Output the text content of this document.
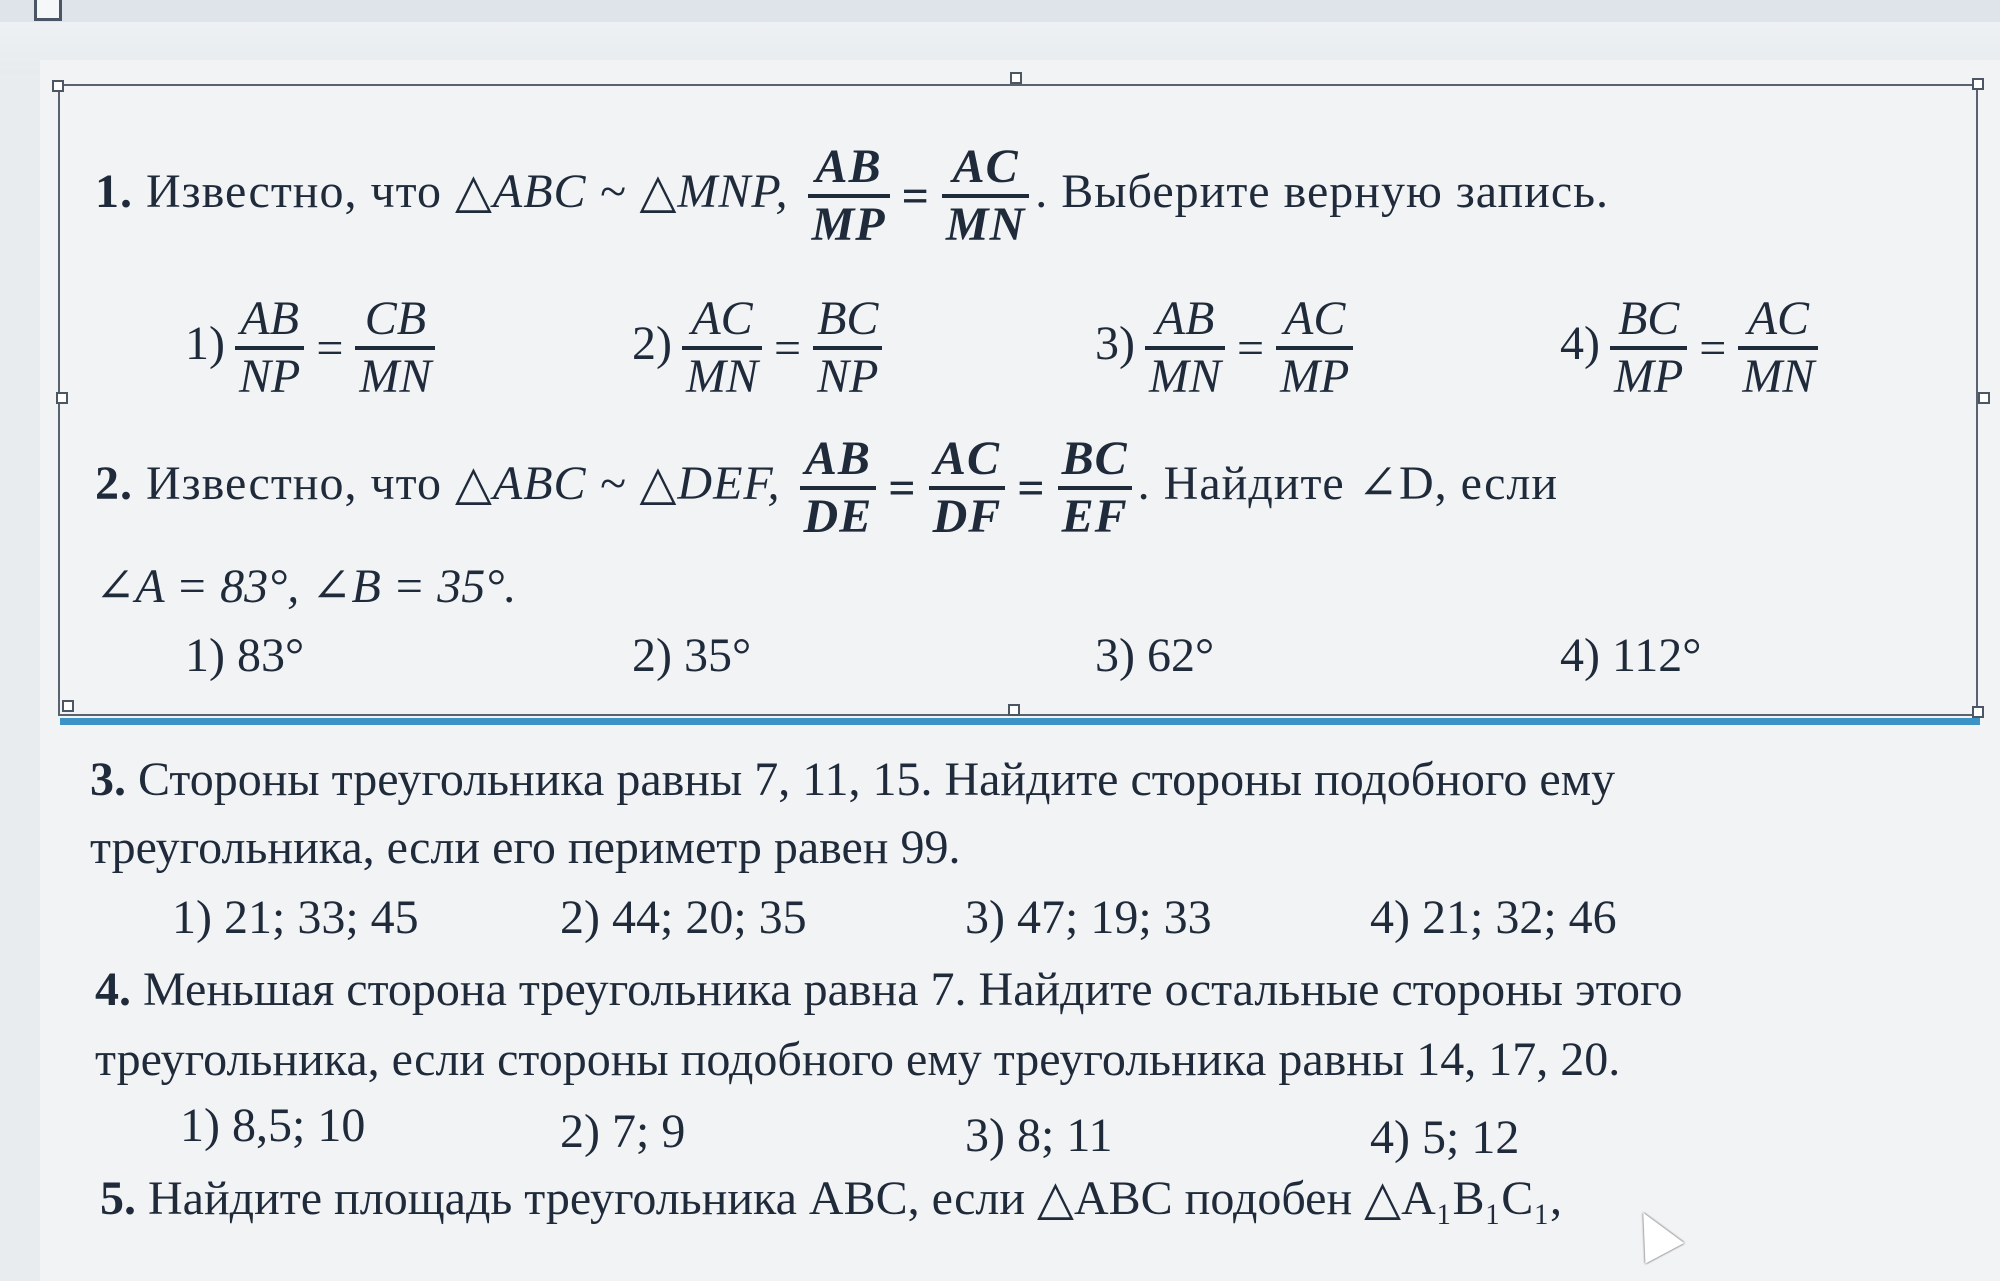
1. Известно, что △ABC ~ △MNP, $\frac{AB}{MP} = \frac{AC}{MN}$ . Выберите верную запись.
$1) \frac{AB}{NP} = \frac{CB}{MN}$	$2) \frac{AC}{MN} = \frac{BC}{NP}$	$3) \frac{AB}{MN} = \frac{AC}{MP}$	$4) \frac{BC}{MP} = \frac{AC}{MN}$
2. Известно, что △ABC ~ △DEF, $\frac{AB}{DE} = \frac{AC}{DF} = \frac{BC}{EF}$ . Найдите ∠D, если
∠A = 83°, ∠B = 35°.
1) 83°	2) 35°	3) 62°	4) 112°
3. Стороны треугольника равны 7, 11, 15. Найдите стороны подобного ему
треугольника, если его периметр равен 99.
1) 21; 33; 45	2) 44; 20; 35	3) 47; 19; 33	4) 21; 32; 46
4. Меньшая сторона треугольника равна 7. Найдите остальные стороны этого
треугольника, если стороны подобного ему треугольника равны 14, 17, 20.
1) 8,5; 10	2) 7; 9	3) 8; 11	4) 5; 12
5. Найдите площадь треугольника ABC, если △ABC подобен △A₁B₁C₁,
